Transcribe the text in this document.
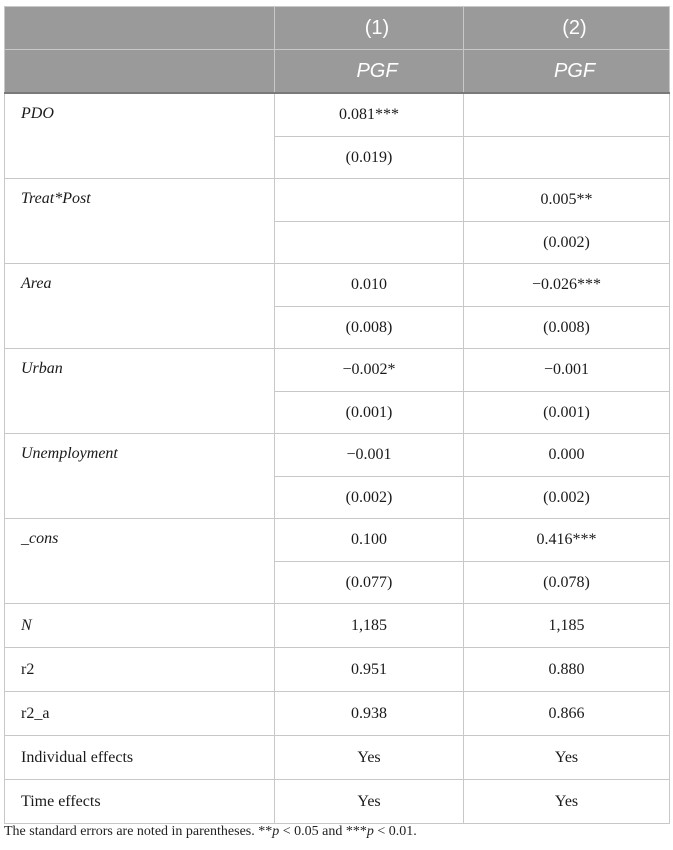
	(1)	(2)
	PGF	PGF
PDO	0.081***	
	(0.019)	
Treat*Post		0.005**
		(0.002)
Area	0.010	−0.026***
	(0.008)	(0.008)
Urban	−0.002*	−0.001
	(0.001)	(0.001)
Unemployment	−0.001	0.000
	(0.002)	(0.002)
_cons	0.100	0.416***
	(0.077)	(0.078)
N	1,185	1,185
r2	0.951	0.880
r2_a	0.938	0.866
Individual effects	Yes	Yes
Time effects	Yes	Yes
The standard errors are noted in parentheses. **p < 0.05 and ***p < 0.01.
